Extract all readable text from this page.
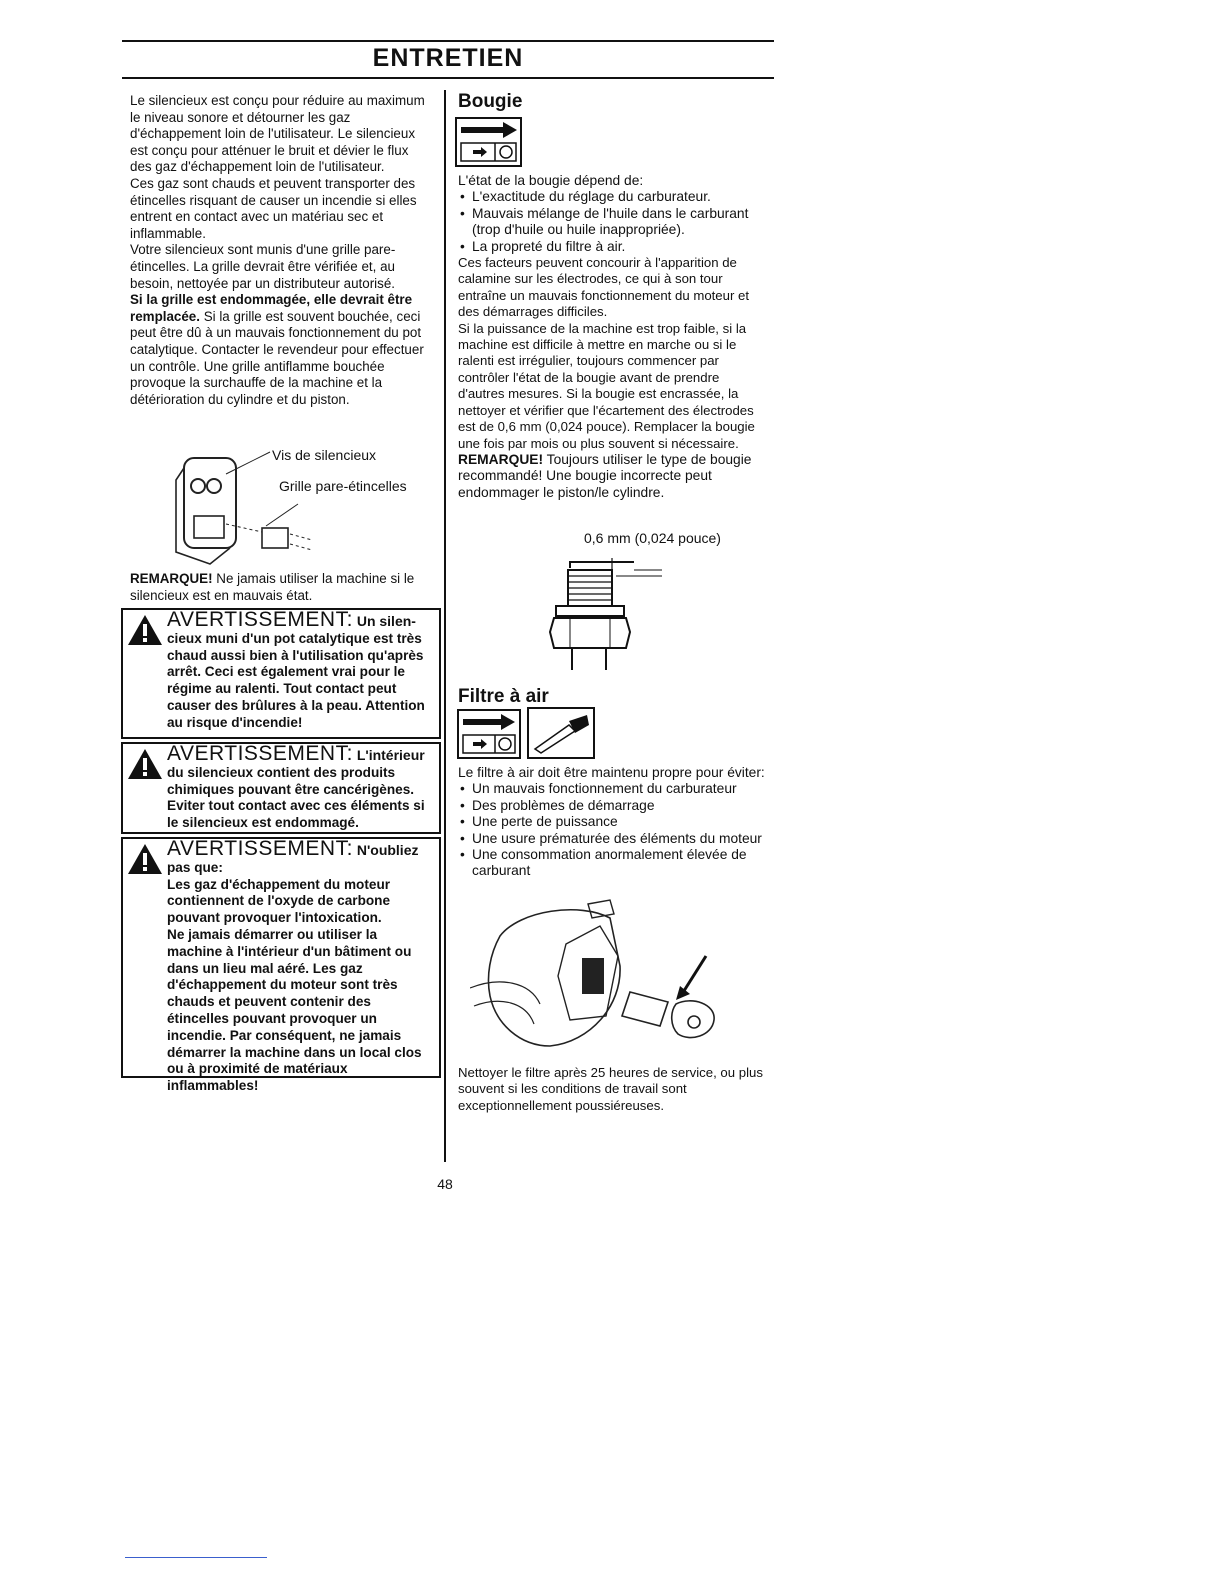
ENTRETIEN

Le silencieux est conçu pour réduire au maximum le niveau sonore et détourner les gaz d'échappement loin de l'utilisateur. Le silencieux est conçu pour atténuer le bruit et dévier le flux des gaz d'échappement loin de l'utilisateur.

Ces gaz sont chauds et peuvent transporter des étincelles risquant de causer un incendie si elles entrent en contact avec un matériau sec et inflammable.

Votre silencieux sont munis d'une grille pare-étincelles. La grille devrait être vérifiée et, au besoin, nettoyée par un distributeur autorisé.

Si la grille est endommagée, elle devrait être remplacée. Si la grille est souvent bouchée, ceci peut être dû à un mauvais fonctionnement du pot catalytique. Contacter le revendeur pour effectuer un contrôle. Une grille antiflamme bouchée provoque la surchauffe de la machine et la détérioration du cylindre et du piston.

Vis de silencieux
Grille pare-étincelles

REMARQUE! Ne jamais utiliser la machine si le silencieux est en mauvais état.

AVERTISSEMENT: Un silen-
cieux muni d'un pot catalytique est très chaud aussi bien à l'utilisation qu'après arrêt. Ceci est également vrai pour le régime au ralenti. Tout contact peut causer des brûlures à la peau. Attention au risque d'incendie!
AVERTISSEMENT: L'intérieur
du silencieux contient des produits chimiques pouvant être cancérigènes. Eviter tout contact avec ces éléments si le silencieux est endommagé.
AVERTISSEMENT: N'oubliez
pas que:
Les gaz d'échappement du moteur contiennent de l'oxyde de carbone pouvant provoquer l'intoxication.
Ne jamais démarrer ou utiliser la machine à l'intérieur d'un bâtiment ou dans un lieu mal aéré. Les gaz d'échappement du moteur sont très chauds et peuvent contenir des étincelles pouvant provoquer un incendie. Par conséquent, ne jamais démarrer la machine dans un local clos ou à proximité de matériaux inflammables!
Bougie

L'état de la bougie dépend de:

• L'exactitude du réglage du carburateur.
• Mauvais mélange de l'huile dans le carburant (trop d'huile ou huile inappropriée).
• La propreté du filtre à air.

Ces facteurs peuvent concourir à l'apparition de calamine sur les électrodes, ce qui à son tour entraîne un mauvais fonctionnement du moteur et des démarrages difficiles.

Si la puissance de la machine est trop faible, si la machine est difficile à mettre en marche ou si le ralenti est irrégulier, toujours commencer par contrôler l'état de la bougie avant de prendre d'autres mesures. Si la bougie est encrassée, la nettoyer et vérifier que l'écartement des électrodes est de 0,6 mm (0,024 pouce). Remplacer la bougie une fois par mois ou plus souvent si nécessaire.

REMARQUE! Toujours utiliser le type de bougie recommandé! Une bougie incorrecte peut endommager le piston/le cylindre.

0,6 mm (0,024 pouce)
Filtre à air

Le filtre à air doit être maintenu propre pour éviter:

• Un mauvais fonctionnement du carburateur
• Des problèmes de démarrage
• Une perte de puissance
• Une usure prématurée des éléments du moteur
• Une consommation anormalement élevée de carburant

Nettoyer le filtre après 25 heures de service, ou plus souvent si les conditions de travail sont exceptionnellement poussiéreuses.

48
